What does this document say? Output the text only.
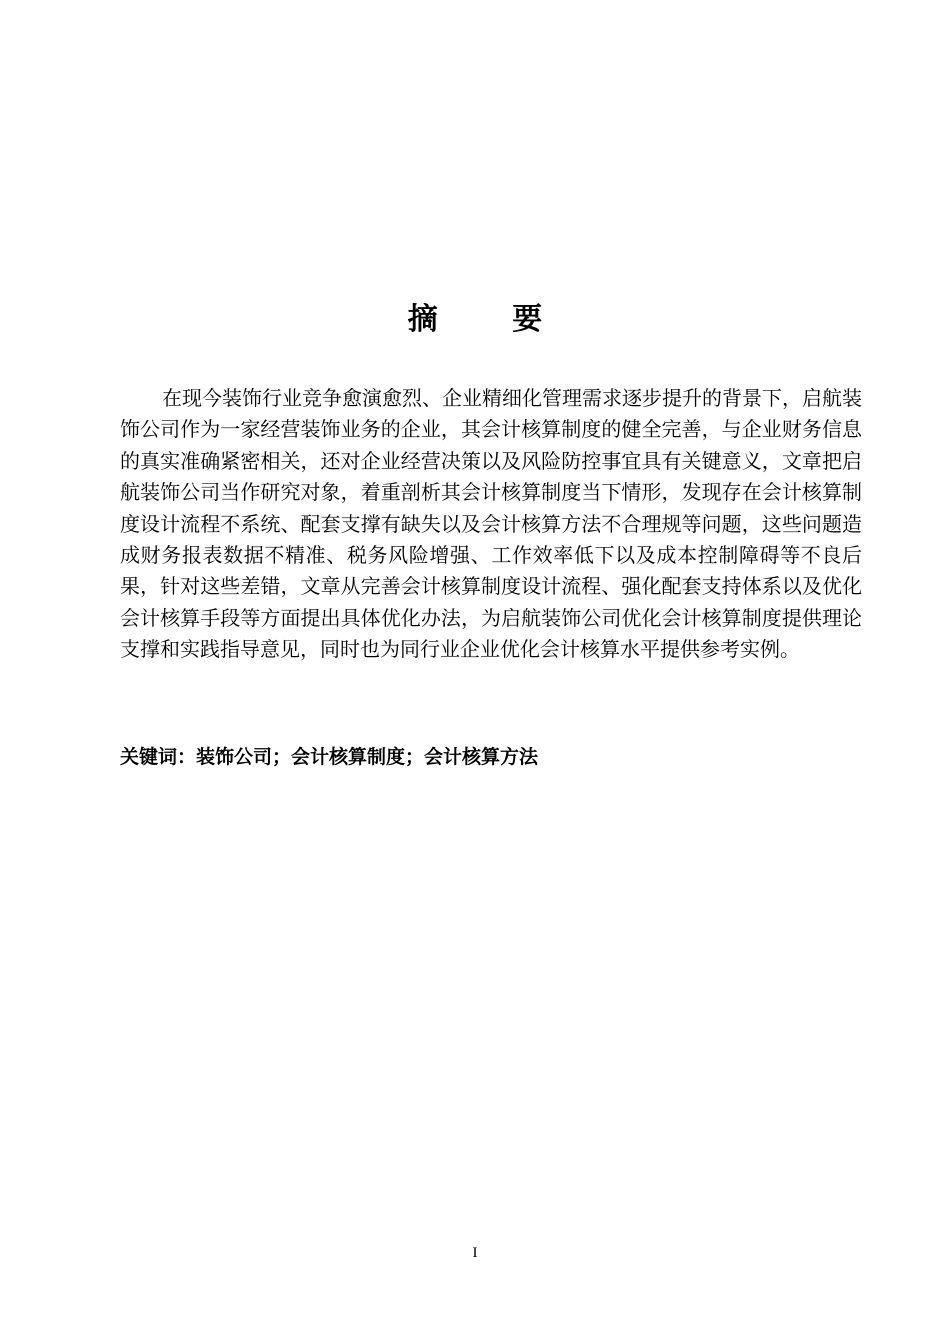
摘 要

在现今装饰行业竞争愈演愈烈、企业精细化管理需求逐步提升的背景下，启航装饰公司作为一家经营装饰业务的企业，其会计核算制度的健全完善，与企业财务信息的真实准确紧密相关，还对企业经营决策以及风险防控事宜具有关键意义，文章把启航装饰公司当作研究对象，着重剖析其会计核算制度当下情形，发现存在会计核算制度设计流程不系统、配套支撑有缺失以及会计核算方法不合理规等问题，这些问题造成财务报表数据不精准、税务风险增强、工作效率低下以及成本控制障碍等不良后果，针对这些差错，文章从完善会计核算制度设计流程、强化配套支持体系以及优化会计核算手段等方面提出具体优化办法，为启航装饰公司优化会计核算制度提供理论支撑和实践指导意见，同时也为同行业企业优化会计核算水平提供参考实例。

关键词：装饰公司；会计核算制度；会计核算方法
I
